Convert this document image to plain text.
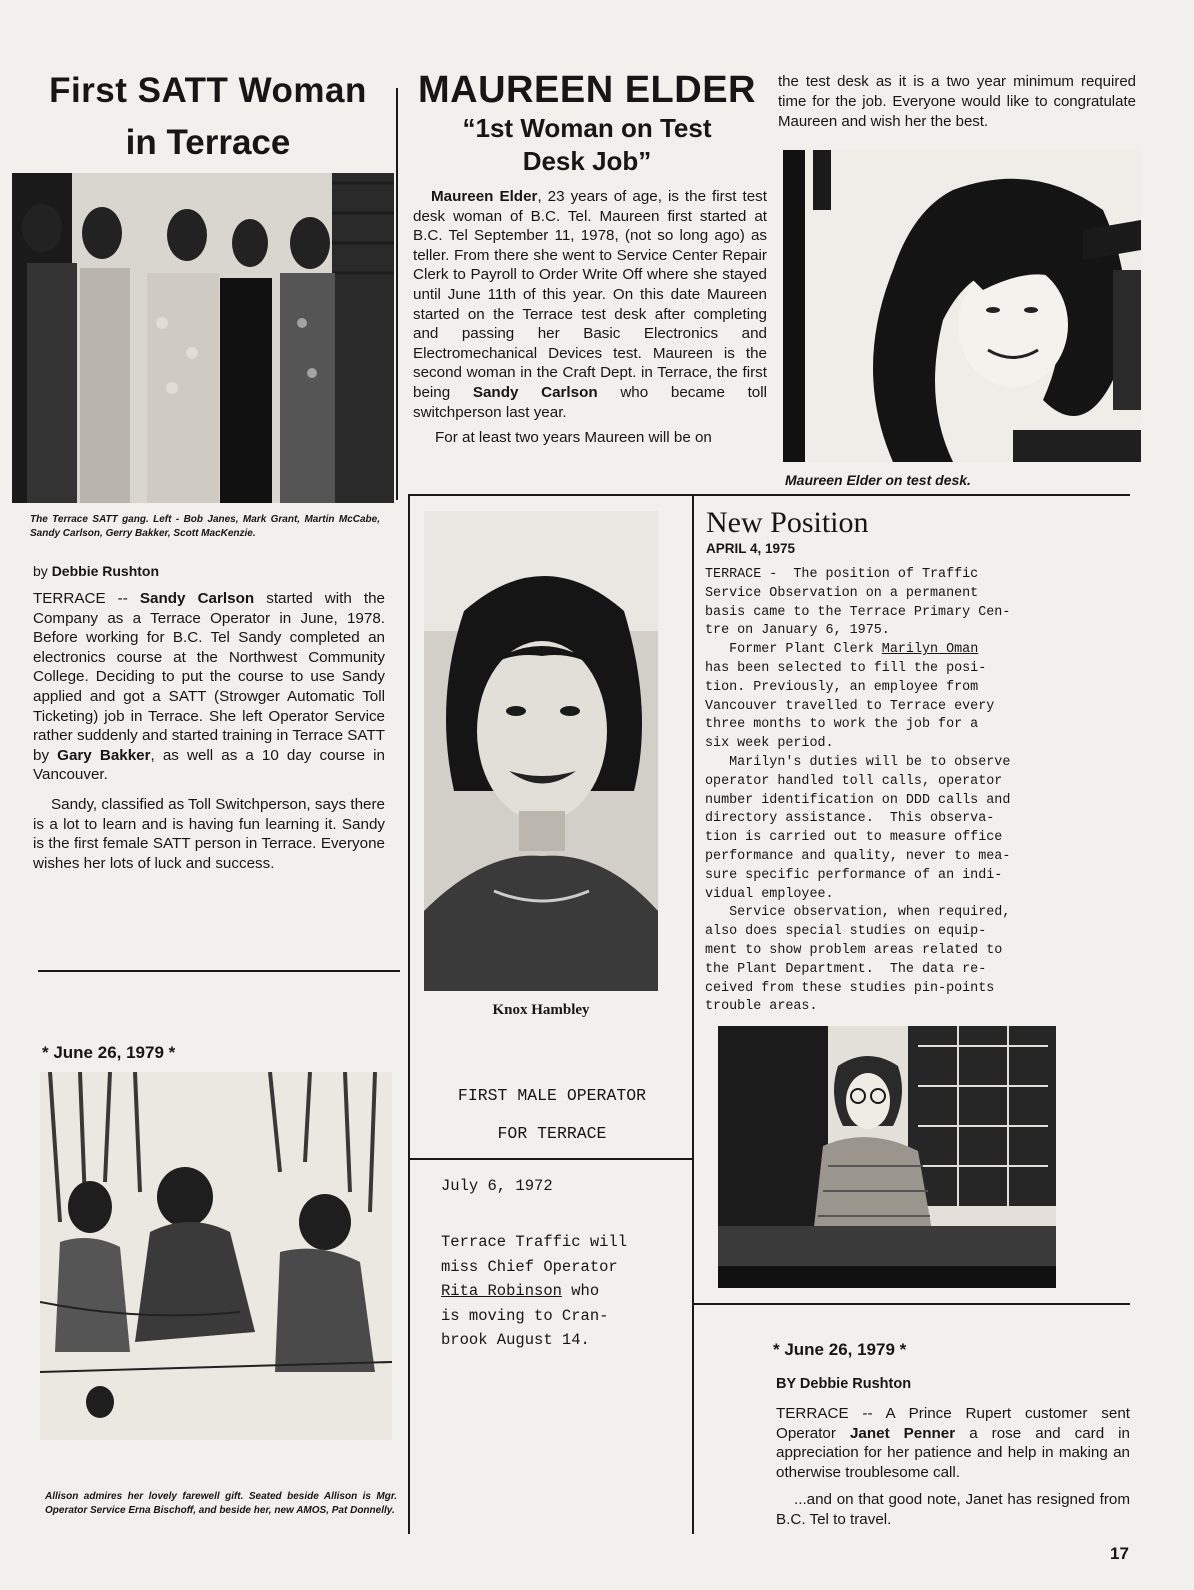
First SATT Woman
in Terrace
The Terrace SATT gang. Left - Bob Janes, Mark Grant, Martin McCabe, Sandy Carlson, Gerry Bakker, Scott MacKenzie.
by Debbie Rushton

TERRACE -- Sandy Carlson started with the Company as a Terrace Operator in June, 1978. Before working for B.C. Tel Sandy completed an electronics course at the Northwest Community College. Deciding to put the course to use Sandy applied and got a SATT (Strowger Automatic Toll Ticketing) job in Terrace. She left Operator Service rather suddenly and started training in Terrace SATT by Gary Bakker, as well as a 10 day course in Vancouver.

Sandy, classified as Toll Switchperson, says there is a lot to learn and is having fun learning it. Sandy is the first female SATT person in Terrace. Everyone wishes her lots of luck and success.

* June 26, 1979 *
Allison admires her lovely farewell gift. Seated beside Allison is Mgr. Operator Service Erna Bischoff, and beside her, new AMOS, Pat Donnelly.
MAUREEN ELDER
“1st Woman on Test
Desk Job”

Maureen Elder, 23 years of age, is the first test desk woman of B.C. Tel. Maureen first started at B.C. Tel September 11, 1978, (not so long ago) as teller. From there she went to Service Center Repair Clerk to Payroll to Order Write Off where she stayed until June 11th of this year. On this date Maureen started on the Terrace test desk after completing and passing her Basic Electronics and Electromechanical Devices test. Maureen is the second woman in the Craft Dept. in Terrace, the first being Sandy Carlson who became toll switchperson last year.

For at least two years Maureen will be on

the test desk as it is a two year minimum required time for the job. Everyone would like to congratulate Maureen and wish her the best.
Maureen Elder on test desk.
Knox Hambley
FIRST MALE OPERATOR
FOR TERRACE
July 6, 1972
Terrace Traffic will
miss Chief Operator
Rita Robinson who
is moving to Cran-
brook August 14.
New Position
APRIL 4, 1975
TERRACE -  The position of Traffic
Service Observation on a permanent
basis came to the Terrace Primary Cen-
tre on January 6, 1975.
Former Plant Clerk Marilyn Oman
has been selected to fill the posi-
tion. Previously, an employee from
Vancouver travelled to Terrace every
three months to work the job for a
six week period.
Marilyn's duties will be to observe
operator handled toll calls, operator
number identification on DDD calls and
directory assistance.  This observa-
tion is carried out to measure office
performance and quality, never to mea-
sure specific performance of an indi-
vidual employee.
Service observation, when required,
also does special studies on equip-
ment to show problem areas related to
the Plant Department.  The data re-
ceived from these studies pin-points
trouble areas.
* June 26, 1979 *
BY Debbie Rushton

TERRACE -- A Prince Rupert customer sent Operator Janet Penner a rose and card in appreciation for her patience and help in making an otherwise troublesome call.

...and on that good note, Janet has resigned from B.C. Tel to travel.

17
